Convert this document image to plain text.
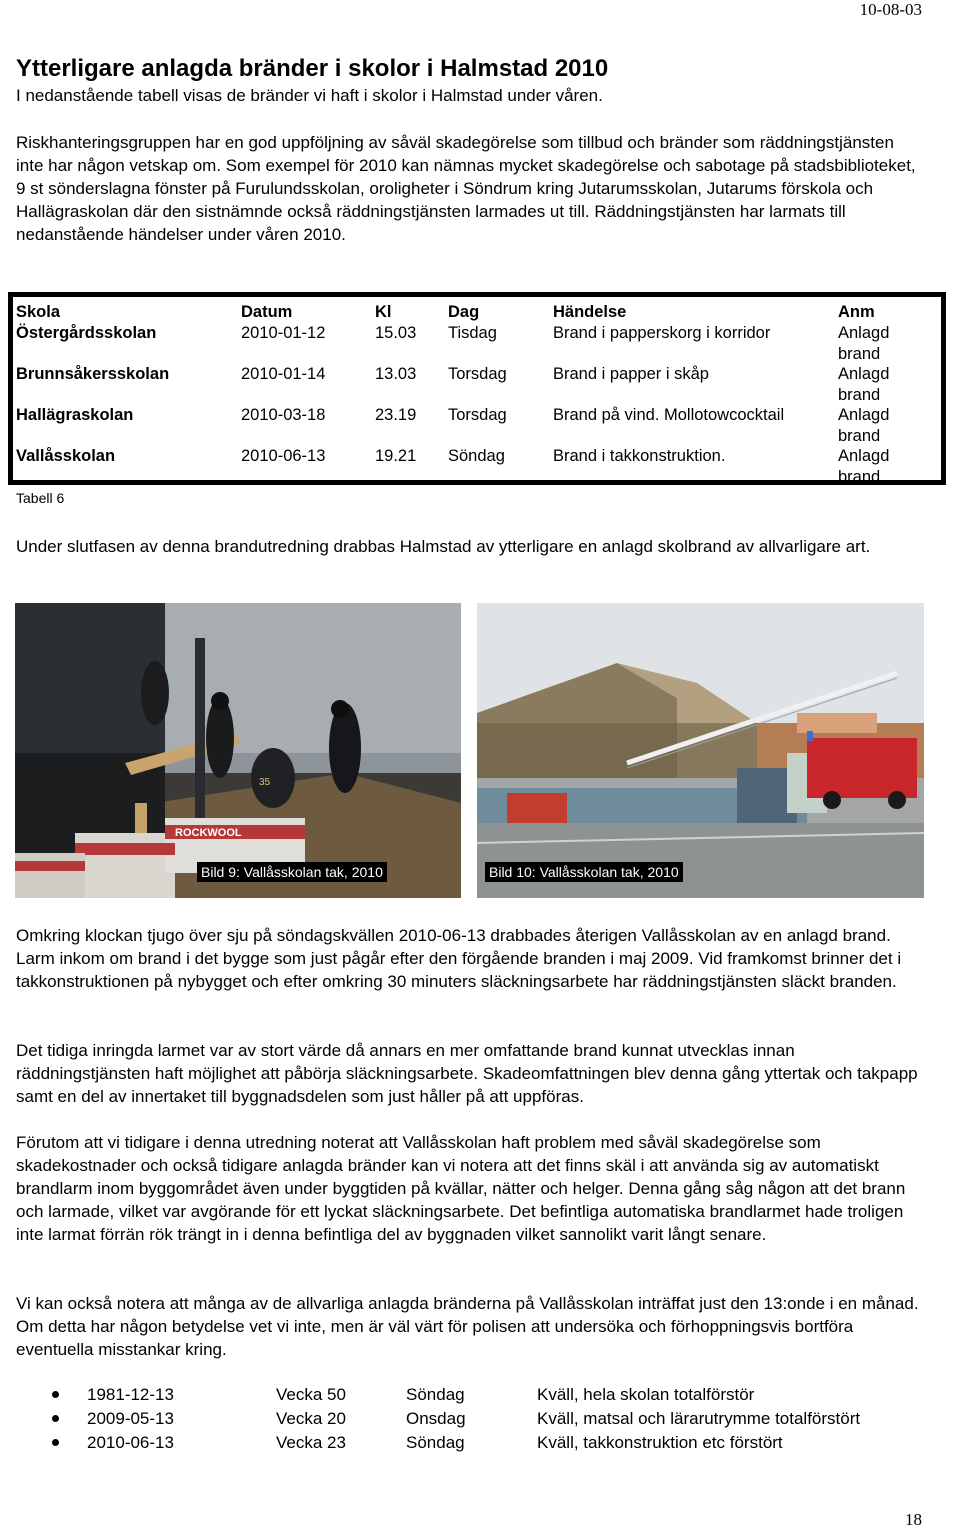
10-08-03
Ytterligare anlagda bränder i skolor i Halmstad 2010

I nedanstående tabell visas de bränder vi haft i skolor i Halmstad under våren.

Riskhanteringsgruppen har en god uppföljning av såväl skadegörelse som tillbud och bränder som räddningstjänsten inte har någon vetskap om. Som exempel för 2010 kan nämnas mycket skadegörelse och sabotage på stadsbiblioteket, 9 st sönderslagna fönster på Furulundsskolan, oroligheter i Söndrum kring Jutarumsskolan, Jutarums förskola och Hallägraskolan där den sistnämnde också räddningstjänsten larmades ut till. Räddningstjänsten har larmats till nedanstående händelser under våren 2010.

Skola	Datum	Kl	Dag	Händelse	Anm
Östergårdsskolan	2010-01-12	15.03 Tisdag	Brand i papperskorg i korridor	Anlagd brand
Brunnsåkersskolan	2010-01-14	13.03 Torsdag	Brand i papper i skåp	Anlagd brand
Hallägraskolan	2010-03-18	23.19 Torsdag	Brand på vind. Mollotowcocktail	Anlagd brand
Vallåsskolan	2010-06-13	19.21 Söndag	Brand i takkonstruktion.	Anlagd brand
Tabell 6

Under slutfasen av denna brandutredning drabbas Halmstad av ytterligare en anlagd skolbrand av allvarligare art.

ROCKWOOL
35
Bild 9: Vallåsskolan tak, 2010	Bild 10: Vallåsskolan tak, 2010

Omkring klockan tjugo över sju på söndagskvällen 2010-06-13 drabbades återigen Vallåsskolan av en anlagd brand. Larm inkom om brand i det bygge som just pågår efter den förgående branden i maj 2009. Vid framkomst brinner det i takkonstruktionen på nybygget och efter omkring 30 minuters släckningsarbete har räddningstjänsten släckt branden.

Det tidiga inringda larmet var av stort värde då annars en mer omfattande brand kunnat utvecklas innan räddningstjänsten haft möjlighet att påbörja släckningsarbete. Skadeomfattningen blev denna gång yttertak och takpapp samt en del av innertaket till byggnadsdelen som just håller på att uppföras.

Förutom att vi tidigare i denna utredning noterat att Vallåsskolan haft problem med såväl skadegörelse som skadekostnader och också tidigare anlagda bränder kan vi notera att det finns skäl i att använda sig av automatiskt brandlarm inom byggområdet även under byggtiden på kvällar, nätter och helger. Denna gång såg någon att det brann och larmade, vilket var avgörande för ett lyckat släckningsarbete. Det befintliga automatiska brandlarmet hade troligen inte larmat förrän rök trängt in i denna befintliga del av byggnaden vilket sannolikt varit långt senare.

Vi kan också notera att många av de allvarliga anlagda bränderna på Vallåsskolan inträffat just den 13:onde i en månad. Om detta har någon betydelse vet vi inte, men är väl värt för polisen att undersöka och förhoppningsvis bortföra eventuella misstankar kring.

1981-12-13	Vecka 50	Söndag	Kväll, hela skolan totalförstör
2009-05-13	Vecka 20	Onsdag	Kväll, matsal och lärarutrymme totalförstört
2010-06-13	Vecka 23	Söndag	Kväll, takkonstruktion etc förstört
18
